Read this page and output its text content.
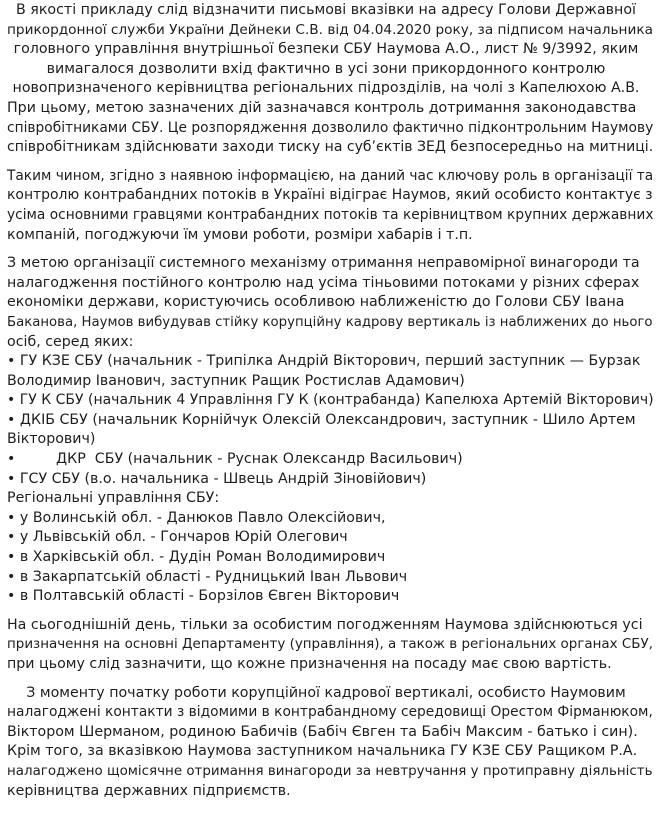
В якості прикладу слід відзначити письмові вказівки на адресу Голови Державної
прикордонної служби України Дейнеки С.В. від 04.04.2020 року, за підписом начальника
головного управління внутрішньої безпеки СБУ Наумова А.О., лист № 9/3992, яким
вимагалося дозволити вхід фактично в усі зони прикордонного контролю
новопризначеного керівництва регіональних підрозділів, на чолі з Капелюхою А.В.
При цьому, метою зазначених дій зазначався контроль дотримання законодавства
співробітниками СБУ. Це розпорядження дозволило фактично підконтрольним Наумову
співробітникам здійснювати заходи тиску на суб’єктів ЗЕД безпосередньо на митниці.
Таким чином, згідно з наявною інформацією, на даний час ключову роль в організації та
контролю контрабандних потоків в Україні відіграє Наумов, який особисто контактує з
усіма основними гравцями контрабандних потоків та керівництвом крупних державних
компаній, погоджуючи їм умови роботи, розміри хабарів і т.п.
З метою організації системного механізму отримання неправомірної винагороди та
налагодження постійного контролю над усіма тіньовими потоками у різних сферах
економіки держави, користуючись особливою наближеністю до Голови СБУ Івана
Баканова, Наумов вибудував стійку корупційну кадрову вертикаль із наближених до нього
осіб, серед яких:
• ГУ КЗЕ СБУ (начальник - Трипілка Андрій Вікторович, перший заступник — Бурзак
Володимир Іванович, заступник Ращик Ростислав Адамович)
• ГУ К СБУ (начальник 4 Управління ГУ К (контрабанда) Капелюха Артемій Вікторович)
• ДКІБ СБУ (начальник Корнійчук Олексій Олександрович, заступник - Шило Артем
Вікторович)
•         ДКР  СБУ (начальник - Руснак Олександр Васильович)
• ГСУ СБУ (в.о. начальника - Швець Андрій Зіновійович)
Регіональні управління СБУ:
• у Волинській обл. - Данюков Павло Олексійович,
• у Львівській обл. - Гончаров Юрій Олегович
• в Харківській обл. - Дудін Роман Володимирович
• в Закарпатській області - Рудницький Іван Львович
• в Полтавській області - Борзілов Євген Вікторович
На сьогоднішній день, тільки за особистим погодженням Наумова здійснюються усі
призначення на основні Департаменту (управління), а також в регіональних органах СБУ,
при цьому слід зазначити, що кожне призначення на посаду має свою вартість.
З моменту початку роботи корупційної кадрової вертикалі, особисто Наумовим
налагоджені контакти з відомими в контрабандному середовищі Орестом Фірманюком,
Віктором Шерманом, родиною Бабичів (Бабіч Євген та Бабіч Максим - батько і син).
Крім того, за вказівкою Наумова заступником начальника ГУ КЗЕ СБУ Ращиком Р.А.
налагоджено щомісячне отримання винагороди за невтручання у протиправну діяльність
керівництва державних підприємств.
